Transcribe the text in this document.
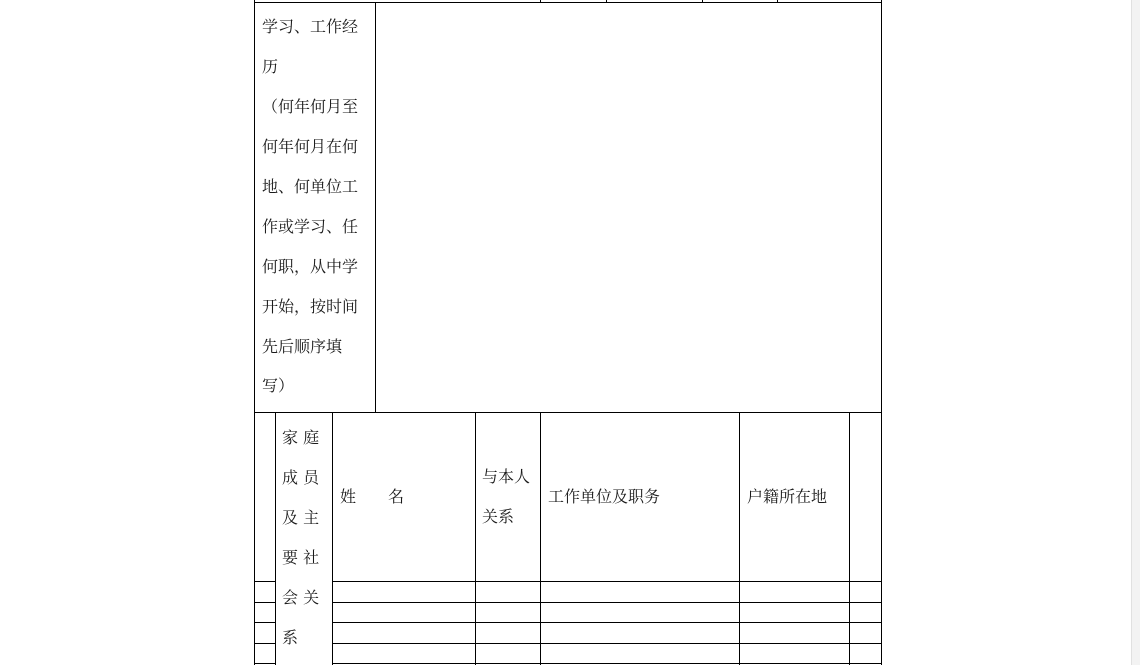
学习、工作经
历
（何年何月至
何年何月在何
地、何单位工
作或学习、任
何职，从中学
开始，按时间
先后顺序填
写）
家 庭
成 员
及 主
要 社
会 关
系
姓　　名
与本人
关系
工作单位及职务	户籍所在地
